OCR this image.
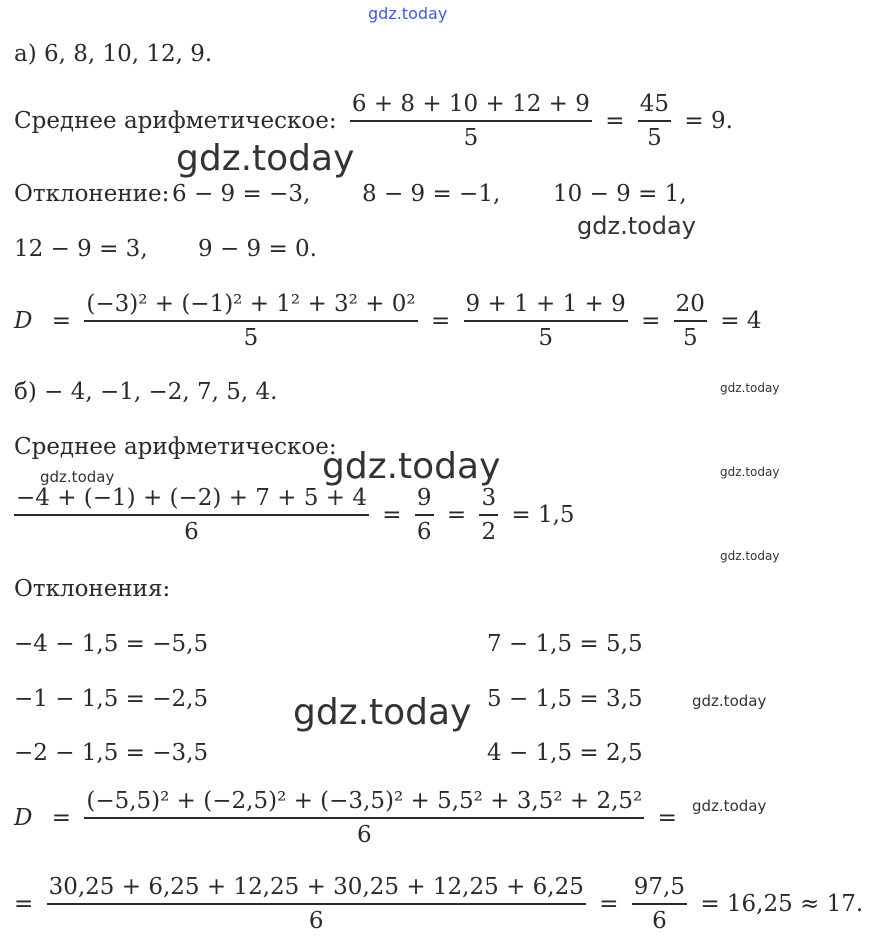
gdz.today
gdz.today
gdz.today
gdz.today
gdz.today
gdz.today	gdz.today
gdz.today
gdz.today	gdz.today
gdz.today
а) 6, 8, 10, 12, 9.
Среднее арифметическое: $\frac{6 + 8 + 10 + 12 + 9}{5} = \frac{45}{5} = 9$.
Отклонение: 6 − 9 = −3, 8 − 9 = −1, 10 − 9 = 1,
12 − 9 = 3, 9 − 9 = 0.
$D = \frac{\text{(−3)² + (−1)² + 1² + 3² + 0²}}{5} = \frac{9 + 1 + 1 + 9}{5} = \frac{20}{5} = 4$
б) − 4, −1, −2, 7, 5, 4.
Среднее арифметическое:
$\frac{-4 + (-1) + (-2) + 7 + 5 + 4}{6} = \frac{9}{6} = \frac{3}{2} = 1,5$
Отклонения:
−4 − 1,5 = −5,5
−1 − 1,5 = −2,5
−2 − 1,5 = −3,5
7 − 1,5 = 5,5
5 − 1,5 = 3,5
4 − 1,5 = 2,5
$D = \frac{\text{(−5,5)² + (−2,5)² + (−3,5)² + 5,5² + 3,5² + 2,5²}}{6}$ =
= $\frac{30,25 + 6,25 + 12,25 + 30,25 + 12,25 + 6,25}{6} = \frac{97,5}{6} = 16,25 \approx 17$.
